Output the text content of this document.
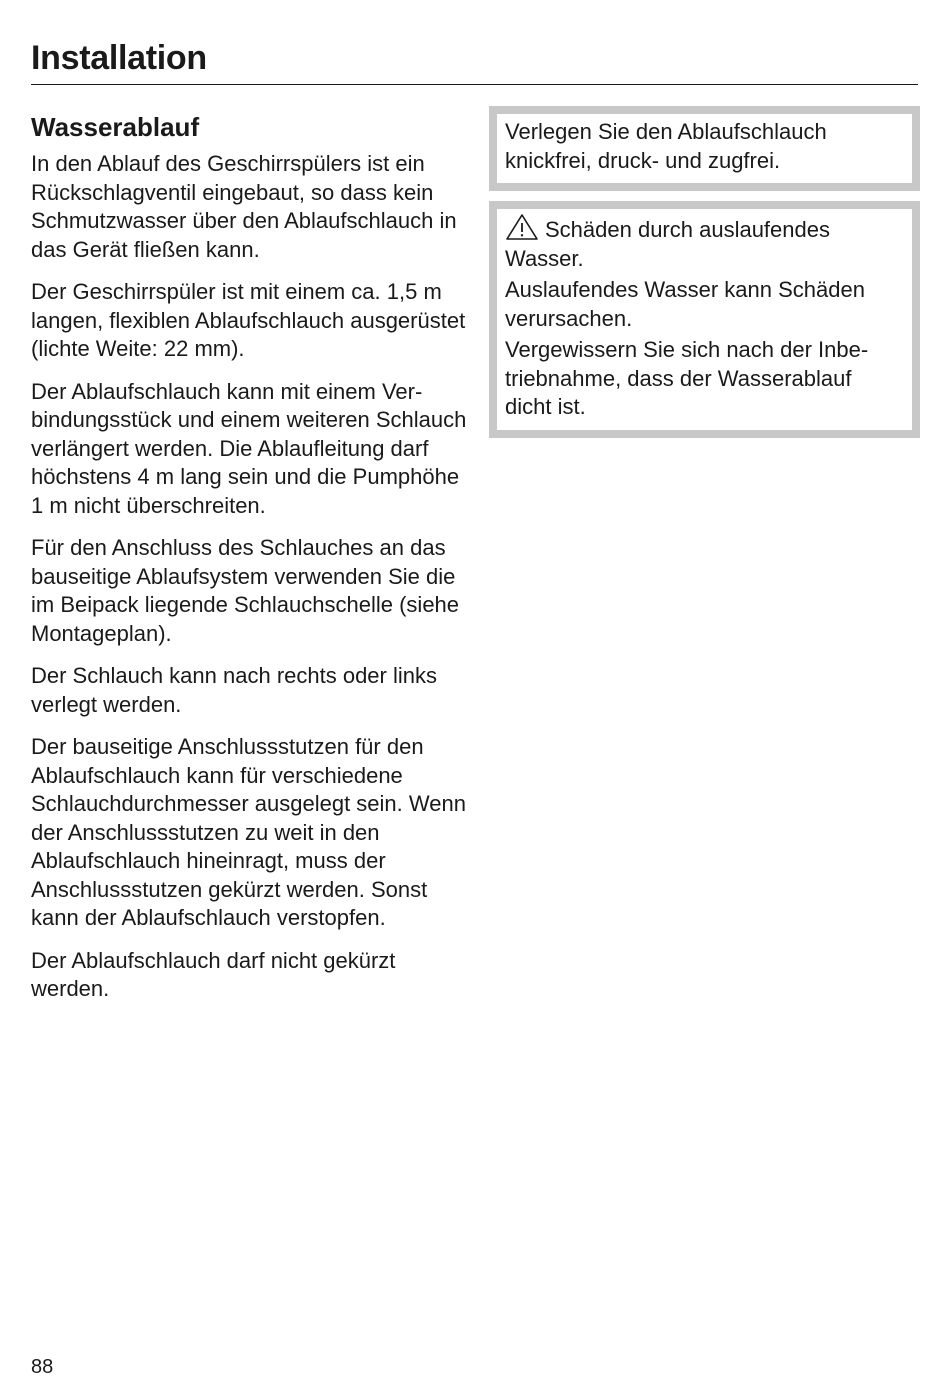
Installation
Wasserablauf

In den Ablauf des Geschirrspülers ist ein Rückschlagventil eingebaut, so dass kein Schmutzwasser über den Ablaufschlauch in das Gerät fließen kann.

Der Geschirrspüler ist mit einem ca. 1,5 m langen, flexiblen Ablaufschlauch ausgerüstet (lichte Weite: 22 mm).

Der Ablaufschlauch kann mit einem Verbindungsstück und einem weiteren Schlauch verlängert werden. Die Ablaufleitung darf höchstens 4 m lang sein und die Pumphöhe 1 m nicht überschreiten.

Für den Anschluss des Schlauches an das bauseitige Ablaufsystem verwenden Sie die im Beipack liegende Schlauchschelle (siehe Montageplan).

Der Schlauch kann nach rechts oder links verlegt werden.

Der bauseitige Anschlussstutzen für den Ablaufschlauch kann für verschiedene Schlauchdurchmesser ausgelegt sein. Wenn der Anschlussstutzen zu weit in den Ablaufschlauch hineinragt, muss der Anschlussstutzen gekürzt werden. Sonst kann der Ablaufschlauch verstopfen.

Der Ablaufschlauch darf nicht gekürzt werden.

Verlegen Sie den Ablaufschlauch knickfrei, druck- und zugfrei.

Schäden durch auslaufendes Wasser.

Auslaufendes Wasser kann Schäden verursachen.

Vergewissern Sie sich nach der Inbetriebnahme, dass der Wasserablauf dicht ist.

88
